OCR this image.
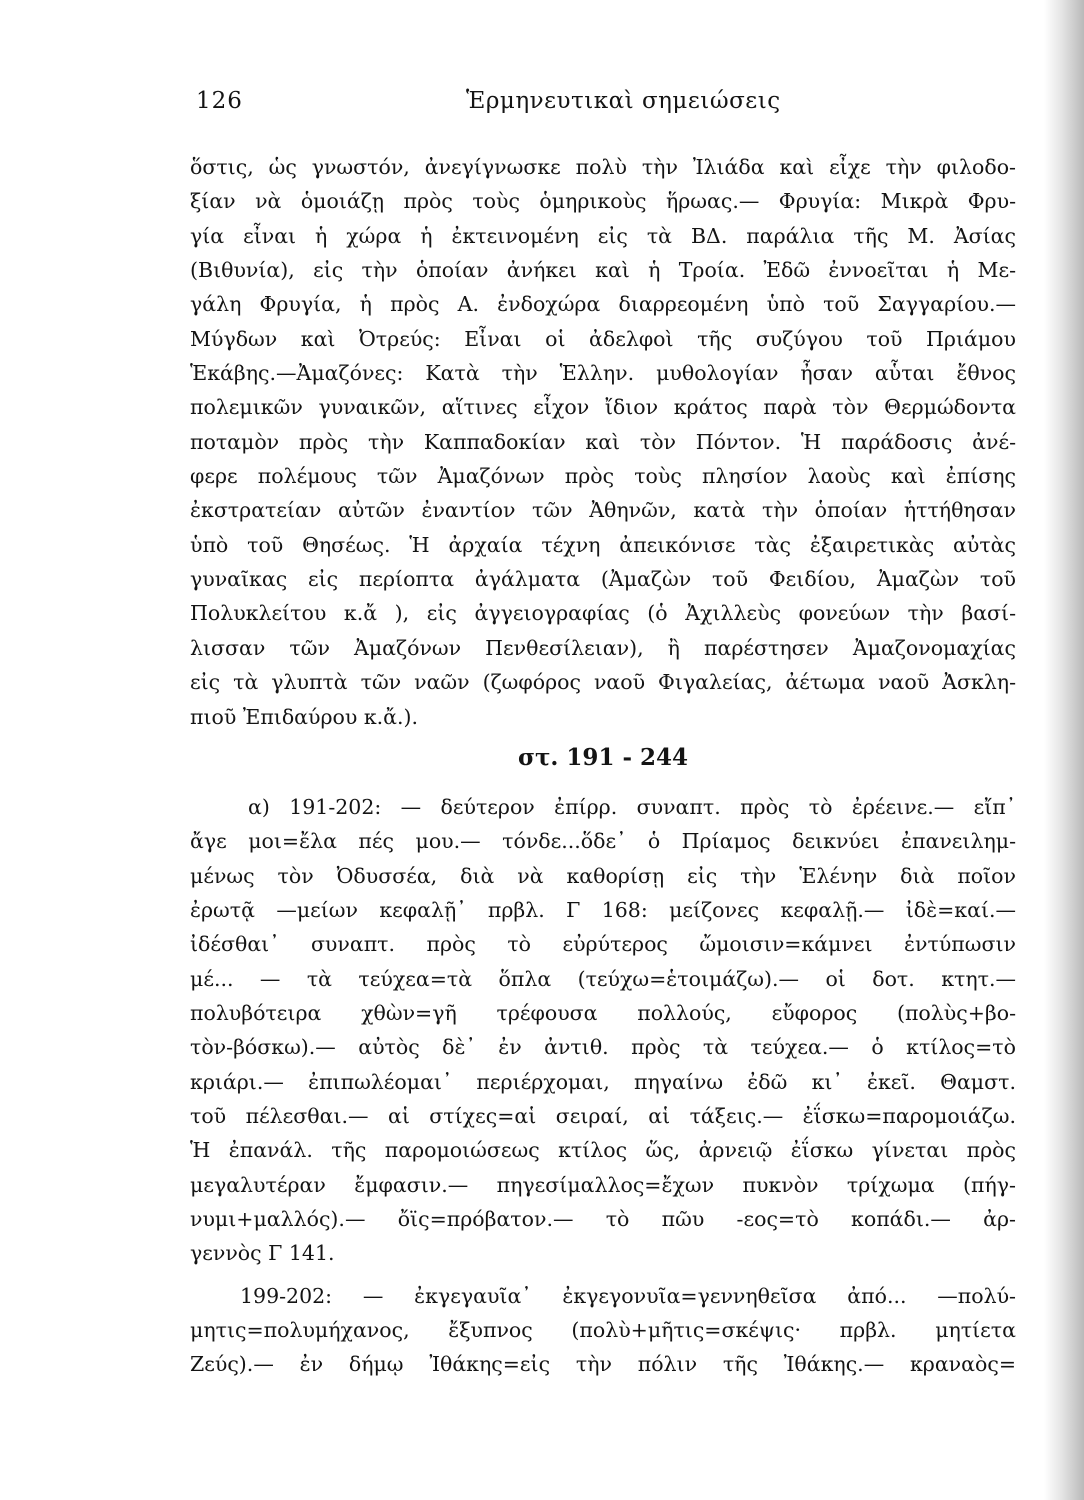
126	Ἑρμηνευτικαὶ σημειώσεις
ὅστις, ὡς γνωστόν, ἀνεγίγνωσκε πολὺ τὴν Ἰλιάδα καὶ εἶχε τὴν φιλοδο-
ξίαν νὰ ὁμοιάζῃ πρὸς τοὺς ὁμηρικοὺς ἥρωας.— Φρυγία: Μικρὰ Φρυ-
γία εἶναι ἡ χώρα ἡ ἐκτεινομένη εἰς τὰ ΒΔ. παράλια τῆς Μ. Ἀσίας
(Βιθυνία), εἰς τὴν ὁποίαν ἀνήκει καὶ ἡ Τροία. Ἐδῶ ἐννοεῖται ἡ Με-
γάλη Φρυγία, ἡ πρὸς Α. ἐνδοχώρα διαρρεομένη ὑπὸ τοῦ Σαγγαρίου.—
Μύγδων καὶ Ὀτρεύς: Εἶναι οἱ ἀδελφοὶ τῆς συζύγου τοῦ Πριάμου
Ἑκάβης.—Ἀμαζόνες: Κατὰ τὴν Ἑλλην. μυθολογίαν ἦσαν αὗται ἔθνος
πολεμικῶν γυναικῶν, αἵτινες εἶχον ἴδιον κράτος παρὰ τὸν Θερμώδοντα
ποταμὸν πρὸς τὴν Καππαδοκίαν καὶ τὸν Πόντον. Ἡ παράδοσις ἀνέ-
φερε πολέμους τῶν Ἀμαζόνων πρὸς τοὺς πλησίον λαοὺς καὶ ἐπίσης
ἐκστρατείαν αὐτῶν ἐναντίον τῶν Ἀθηνῶν, κατὰ τὴν ὁποίαν ἡττήθησαν
ὑπὸ τοῦ Θησέως. Ἡ ἀρχαία τέχνη ἀπεικόνισε τὰς ἐξαιρετικὰς αὐτὰς
γυναῖκας εἰς περίοπτα ἀγάλματα (Ἀμαζὼν τοῦ Φειδίου, Ἀμαζὼν τοῦ
Πολυκλείτου κ.ἄ ), εἰς ἀγγειογραφίας (ὁ Ἀχιλλεὺς φονεύων τὴν βασί-
λισσαν τῶν Ἀμαζόνων Πενθεσίλειαν), ἢ παρέστησεν Ἀμαζονομαχίας
εἰς τὰ γλυπτὰ τῶν ναῶν (ζωφόρος ναοῦ Φιγαλείας, ἀέτωμα ναοῦ Ἀσκλη-
πιοῦ Ἐπιδαύρου κ.ἄ.).
στ. 191 - 244
α) 191-202: — δεύτερον ἐπίρρ. συναπτ. πρὸς τὸ ἐρέεινε.— εἴπ᾽
ἄγε μοι=ἔλα πές μου.— τόνδε...ὅδε᾽ ὁ Πρίαμος δεικνύει ἐπανειλημ-
μένως τὸν Ὀδυσσέα, διὰ νὰ καθορίσῃ εἰς τὴν Ἑλένην διὰ ποῖον
ἐρωτᾷ —μείων κεφαλῇ᾽ πρβλ. Γ 168: μείζονες κεφαλῇ.— ἰδὲ=καί.—
ἰδέσθαι᾽ συναπτ. πρὸς τὸ εὐρύτερος ὤμοισιν=κάμνει ἐντύπωσιν
μέ... — τὰ τεύχεα=τὰ ὅπλα (τεύχω=ἑτοιμάζω).— οἱ δοτ. κτητ.—
πολυβότειρα χθὼν=γῆ τρέφουσα πολλούς, εὔφορος (πολὺς+βο-
τὸν-βόσκω).— αὐτὸς δὲ᾽ ἐν ἀντιθ. πρὸς τὰ τεύχεα.— ὁ κτίλος=τὸ
κριάρι.— ἐπιπωλέομαι᾽ περιέρχομαι, πηγαίνω ἐδῶ κι᾽ ἐκεῖ. Θαμστ.
τοῦ πέλεσθαι.— αἱ στίχες=αἱ σειραί, αἱ τάξεις.— ἐΐσκω=παρομοιάζω.
Ἡ ἐπανάλ. τῆς παρομοιώσεως κτίλος ὥς, ἀρνειῷ ἐΐσκω γίνεται πρὸς
μεγαλυτέραν ἔμφασιν.— πηγεσίμαλλος=ἔχων πυκνὸν τρίχωμα (πήγ-
νυμι+μαλλός).— ὄϊς=πρόβατον.— τὸ πῶυ -εος=τὸ κοπάδι.— ἀρ-
γεννὸς Γ 141.
199-202: — ἐκγεγαυῖα᾽ ἐκγεγονυῖα=γεννηθεῖσα ἀπό... —πολύ-
μητις=πολυμήχανος, ἔξυπνος (πολὺ+μῆτις=σκέψις· πρβλ. μητίετα
Ζεύς).— ἐν δήμῳ Ἰθάκης=εἰς τὴν πόλιν τῆς Ἰθάκης.— κραναὸς=
